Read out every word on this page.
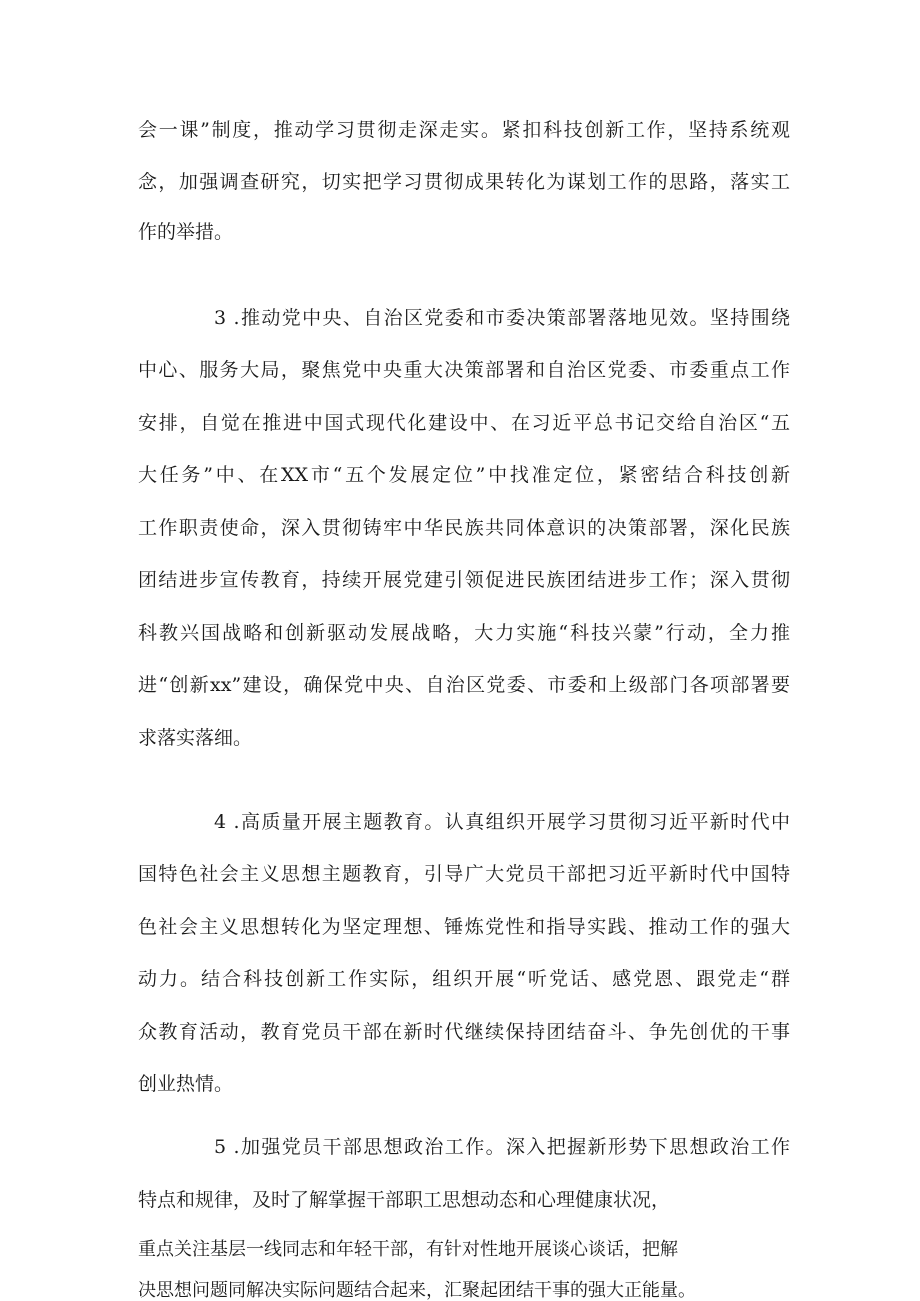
会一课”制度，推动学习贯彻走深走实。紧扣科技创新工作，坚持系统观
念，加强调查研究，切实把学习贯彻成果转化为谋划工作的思路，落实工
作的举措。
3 .推动党中央、自治区党委和市委决策部署落地见效。坚持围绕
中心、服务大局，聚焦党中央重大决策部署和自治区党委、市委重点工作
安排，自觉在推进中国式现代化建设中、在习近平总书记交给自治区“五
大任务”中、在XX市“五个发展定位”中找准定位，紧密结合科技创新
工作职责使命，深入贯彻铸牢中华民族共同体意识的决策部署，深化民族
团结进步宣传教育，持续开展党建引领促进民族团结进步工作；深入贯彻
科教兴国战略和创新驱动发展战略，大力实施“科技兴蒙”行动，全力推
进“创新xx”建设，确保党中央、自治区党委、市委和上级部门各项部署要
求落实落细。
4 .高质量开展主题教育。认真组织开展学习贯彻习近平新时代中
国特色社会主义思想主题教育，引导广大党员干部把习近平新时代中国特
色社会主义思想转化为坚定理想、锤炼党性和指导实践、推动工作的强大
动力。结合科技创新工作实际，组织开展“听党话、感党恩、跟党走“群
众教育活动，教育党员干部在新时代继续保持团结奋斗、争先创优的干事
创业热情。
5 .加强党员干部思想政治工作。深入把握新形势下思想政治工作
特点和规律，及时了解掌握干部职工思想动态和心理健康状况，
重点关注基层一线同志和年轻干部，有针对性地开展谈心谈话，把解
决思想问题同解决实际问题结合起来，汇聚起团结干事的强大正能量。
